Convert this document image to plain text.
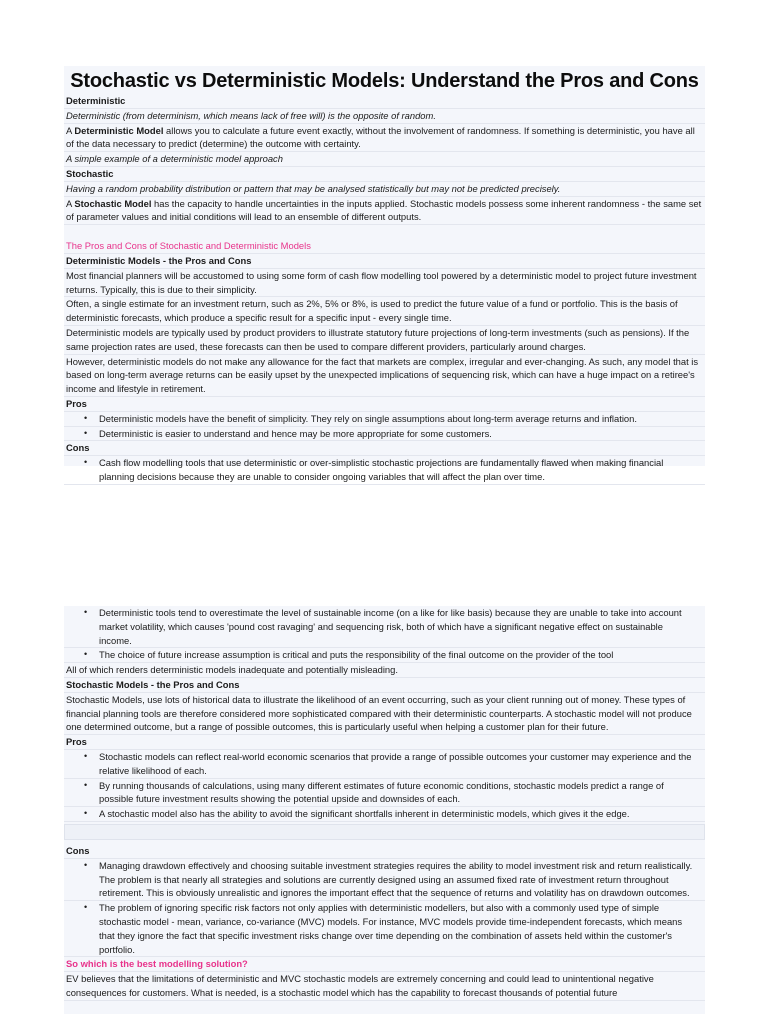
Stochastic vs Deterministic Models: Understand the Pros and Cons
Deterministic
Deterministic (from determinism, which means lack of free will) is the opposite of random.
A Deterministic Model allows you to calculate a future event exactly, without the involvement of randomness. If something is deterministic, you have all of the data necessary to predict (determine) the outcome with certainty.
A simple example of a deterministic model approach
Stochastic
Having a random probability distribution or pattern that may be analysed statistically but may not be predicted precisely.
A Stochastic Model has the capacity to handle uncertainties in the inputs applied. Stochastic models possess some inherent randomness - the same set of parameter values and initial conditions will lead to an ensemble of different outputs.
The Pros and Cons of Stochastic and Deterministic Models
Deterministic Models - the Pros and Cons
Most financial planners will be accustomed to using some form of cash flow modelling tool powered by a deterministic model to project future investment returns. Typically, this is due to their simplicity.
Often, a single estimate for an investment return, such as 2%, 5% or 8%, is used to predict the future value of a fund or portfolio. This is the basis of deterministic forecasts, which produce a specific result for a specific input - every single time.
Deterministic models are typically used by product providers to illustrate statutory future projections of long-term investments (such as pensions). If the same projection rates are used, these forecasts can then be used to compare different providers, particularly around charges.
However, deterministic models do not make any allowance for the fact that markets are complex, irregular and ever-changing. As such, any model that is based on long-term average returns can be easily upset by the unexpected implications of sequencing risk, which can have a huge impact on a retiree's income and lifestyle in retirement.
Pros
• Deterministic models have the benefit of simplicity. They rely on single assumptions about long-term average returns and inflation.
• Deterministic is easier to understand and hence may be more appropriate for some customers.
Cons
• Cash flow modelling tools that use deterministic or over-simplistic stochastic projections are fundamentally flawed when making financial planning decisions because they are unable to consider ongoing variables that will affect the plan over time.
• Deterministic tools tend to overestimate the level of sustainable income (on a like for like basis) because they are unable to take into account market volatility, which causes 'pound cost ravaging' and sequencing risk, both of which have a significant negative effect on sustainable income.
• The choice of future increase assumption is critical and puts the responsibility of the final outcome on the provider of the tool
All of which renders deterministic models inadequate and potentially misleading.
Stochastic Models - the Pros and Cons
Stochastic Models, use lots of historical data to illustrate the likelihood of an event occurring, such as your client running out of money. These types of financial planning tools are therefore considered more sophisticated compared with their deterministic counterparts. A stochastic model will not produce one determined outcome, but a range of possible outcomes, this is particularly useful when helping a customer plan for their future.
Pros
• Stochastic models can reflect real-world economic scenarios that provide a range of possible outcomes your customer may experience and the relative likelihood of each.
• By running thousands of calculations, using many different estimates of future economic conditions, stochastic models predict a range of possible future investment results showing the potential upside and downsides of each.
• A stochastic model also has the ability to avoid the significant shortfalls inherent in deterministic models, which gives it the edge.
Cons
• Managing drawdown effectively and choosing suitable investment strategies requires the ability to model investment risk and return realistically. The problem is that nearly all strategies and solutions are currently designed using an assumed fixed rate of investment return throughout retirement. This is obviously unrealistic and ignores the important effect that the sequence of returns and volatility has on drawdown outcomes.
• The problem of ignoring specific risk factors not only applies with deterministic modellers, but also with a commonly used type of simple stochastic model - mean, variance, co-variance (MVC) models. For instance, MVC models provide time-independent forecasts, which means that they ignore the fact that specific investment risks change over time depending on the combination of assets held within the customer's portfolio.
So which is the best modelling solution?
EV believes that the limitations of deterministic and MVC stochastic models are extremely concerning and could lead to unintentional negative consequences for customers. What is needed, is a stochastic model which has the capability to forecast thousands of potential future
